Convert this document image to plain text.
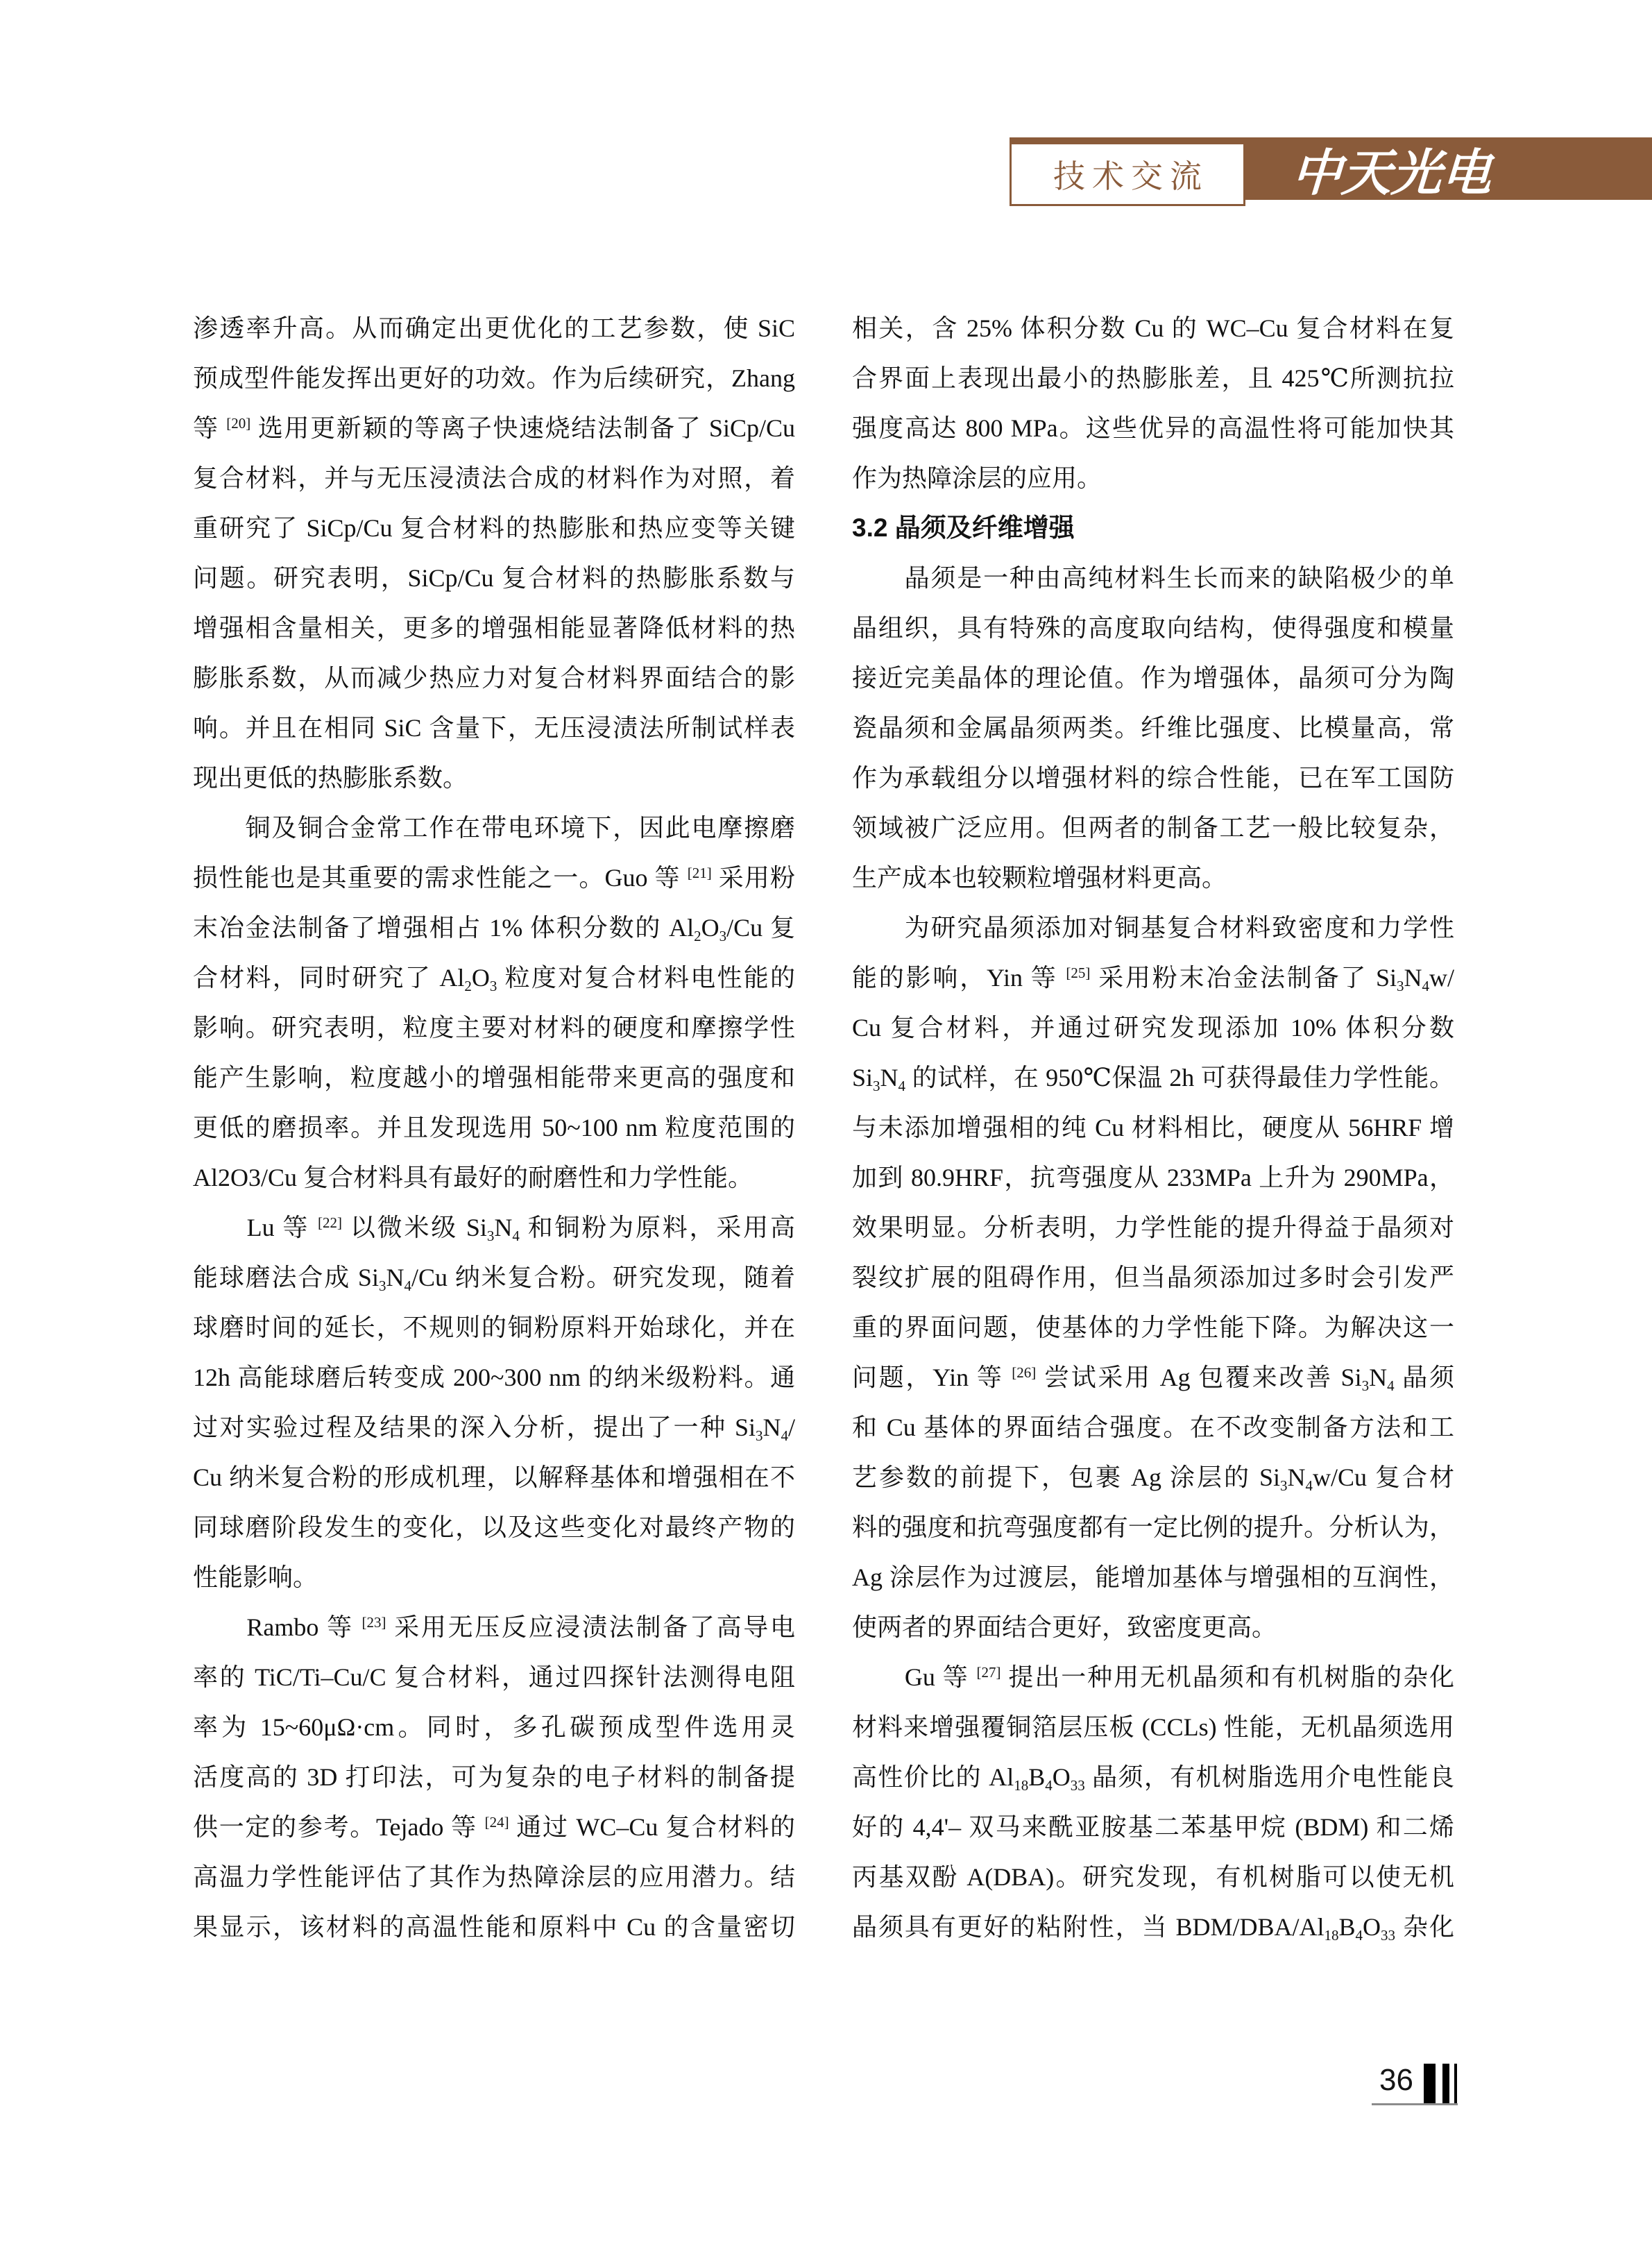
技术交流 中天光电
渗透率升高。从而确定出更优化的工艺参数，使 SiC
预成型件能发挥出更好的功效。作为后续研究，Zhang
等 [20] 选用更新颖的等离子快速烧结法制备了 SiCp/Cu
复合材料，并与无压浸渍法合成的材料作为对照，着
重研究了 SiCp/Cu 复合材料的热膨胀和热应变等关键
问题。研究表明，SiCp/Cu 复合材料的热膨胀系数与
增强相含量相关，更多的增强相能显著降低材料的热
膨胀系数，从而减少热应力对复合材料界面结合的影
响。并且在相同 SiC 含量下，无压浸渍法所制试样表
现出更低的热膨胀系数。
　　铜及铜合金常工作在带电环境下，因此电摩擦磨
损性能也是其重要的需求性能之一。Guo 等 [21] 采用粉
末冶金法制备了增强相占 1% 体积分数的 $Al_2O_3/Cu$ 复
合材料，同时研究了 $Al_2O_3$ 粒度对复合材料电性能的
影响。研究表明，粒度主要对材料的硬度和摩擦学性
能产生影响，粒度越小的增强相能带来更高的强度和
更低的磨损率。并且发现选用 50~100 nm 粒度范围的
Al2O3/Cu 复合材料具有最好的耐磨性和力学性能。
　　Lu 等 [22] 以微米级 $Si_3N_4$ 和铜粉为原料，采用高
能球磨法合成 $Si_3N_4/Cu$ 纳米复合粉。研究发现，随着
球磨时间的延长，不规则的铜粉原料开始球化，并在
12h 高能球磨后转变成 200~300 nm 的纳米级粉料。通
过对实验过程及结果的深入分析，提出了一种 $Si_3N_4/$
Cu 纳米复合粉的形成机理，以解释基体和增强相在不
同球磨阶段发生的变化，以及这些变化对最终产物的
性能影响。
　　Rambo 等 [23] 采用无压反应浸渍法制备了高导电
率的 TiC/Ti–Cu/C 复合材料，通过四探针法测得电阻
率为 15~60μΩ·cm。同时，多孔碳预成型件选用灵
活度高的 3D 打印法，可为复杂的电子材料的制备提
供一定的参考。Tejado 等 [24] 通过 WC–Cu 复合材料的
高温力学性能评估了其作为热障涂层的应用潜力。结
果显示，该材料的高温性能和原料中 Cu 的含量密切
相关，含 25% 体积分数 Cu 的 WC–Cu 复合材料在复
合界面上表现出最小的热膨胀差，且 425℃所测抗拉
强度高达 800 MPa。这些优异的高温性将可能加快其
作为热障涂层的应用。
3.2 晶须及纤维增强
　　晶须是一种由高纯材料生长而来的缺陷极少的单
晶组织，具有特殊的高度取向结构，使得强度和模量
接近完美晶体的理论值。作为增强体，晶须可分为陶
瓷晶须和金属晶须两类。纤维比强度、比模量高，常
作为承载组分以增强材料的综合性能，已在军工国防
领域被广泛应用。但两者的制备工艺一般比较复杂，
生产成本也较颗粒增强材料更高。
　　为研究晶须添加对铜基复合材料致密度和力学性
能的影响，Yin 等 [25] 采用粉末冶金法制备了 $Si_3N_4w/$
Cu 复合材料，并通过研究发现添加 10% 体积分数
$Si_3N_4$ 的试样，在 950℃保温 2h 可获得最佳力学性能。
与未添加增强相的纯 Cu 材料相比，硬度从 56HRF 增
加到 80.9HRF，抗弯强度从 233MPa 上升为 290MPa，
效果明显。分析表明，力学性能的提升得益于晶须对
裂纹扩展的阻碍作用，但当晶须添加过多时会引发严
重的界面问题，使基体的力学性能下降。为解决这一
问题，Yin 等 [26] 尝试采用 Ag 包覆来改善 $Si_3N_4$ 晶须
和 Cu 基体的界面结合强度。在不改变制备方法和工
艺参数的前提下，包裹 Ag 涂层的 $Si_3N_4w/Cu$ 复合材
料的强度和抗弯强度都有一定比例的提升。分析认为，
Ag 涂层作为过渡层，能增加基体与增强相的互润性，
使两者的界面结合更好，致密度更高。
　　Gu 等 [27] 提出一种用无机晶须和有机树脂的杂化
材料来增强覆铜箔层压板 (CCLs) 性能，无机晶须选用
高性价比的 $Al_{18}B_4O_{33}$ 晶须，有机树脂选用介电性能良
好的 4,4'– 双马来酰亚胺基二苯基甲烷 (BDM) 和二烯
丙基双酚 A(DBA)。研究发现，有机树脂可以使无机
晶须具有更好的粘附性，当 BDM/$DBA/Al_{18}B_4O_{33}$ 杂化
36
